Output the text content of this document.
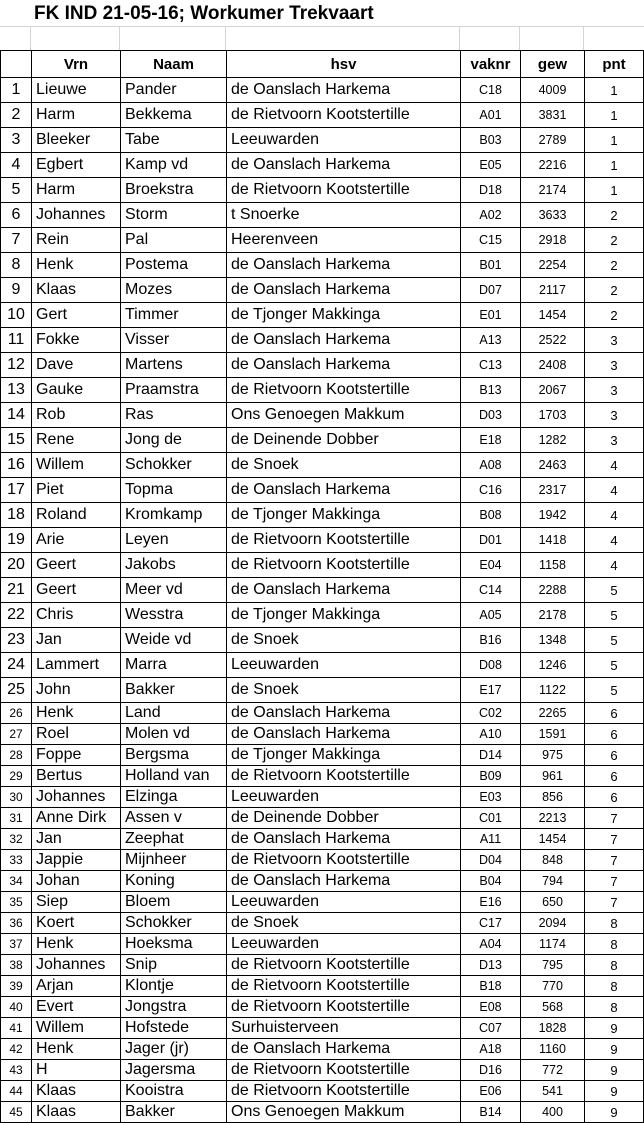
FK IND 21-05-16; Workumer Trekvaart
	Vrn	Naam	hsv	vaknr	gew	pnt
1	Lieuwe	Pander	de Oanslach Harkema	C18	4009	1
2	Harm	Bekkema	de Rietvoorn Kootstertille	A01	3831	1
3	Bleeker	Tabe	Leeuwarden	B03	2789	1
4	Egbert	Kamp vd	de Oanslach Harkema	E05	2216	1
5	Harm	Broekstra	de Rietvoorn Kootstertille	D18	2174	1
6	Johannes	Storm	t Snoerke	A02	3633	2
7	Rein	Pal	Heerenveen	C15	2918	2
8	Henk	Postema	de Oanslach Harkema	B01	2254	2
9	Klaas	Mozes	de Oanslach Harkema	D07	2117	2
10	Gert	Timmer	de Tjonger Makkinga	E01	1454	2
11	Fokke	Visser	de Oanslach Harkema	A13	2522	3
12	Dave	Martens	de Oanslach Harkema	C13	2408	3
13	Gauke	Praamstra	de Rietvoorn Kootstertille	B13	2067	3
14	Rob	Ras	Ons Genoegen Makkum	D03	1703	3
15	Rene	Jong de	de Deinende Dobber	E18	1282	3
16	Willem	Schokker	de Snoek	A08	2463	4
17	Piet	Topma	de Oanslach Harkema	C16	2317	4
18	Roland	Kromkamp	de Tjonger Makkinga	B08	1942	4
19	Arie	Leyen	de Rietvoorn Kootstertille	D01	1418	4
20	Geert	Jakobs	de Rietvoorn Kootstertille	E04	1158	4
21	Geert	Meer vd	de Oanslach Harkema	C14	2288	5
22	Chris	Wesstra	de Tjonger Makkinga	A05	2178	5
23	Jan	Weide vd	de Snoek	B16	1348	5
24	Lammert	Marra	Leeuwarden	D08	1246	5
25	John	Bakker	de Snoek	E17	1122	5
26	Henk	Land	de Oanslach Harkema	C02	2265	6
27	Roel	Molen vd	de Oanslach Harkema	A10	1591	6
28	Foppe	Bergsma	de Tjonger Makkinga	D14	975	6
29	Bertus	Holland van	de Rietvoorn Kootstertille	B09	961	6
30	Johannes	Elzinga	Leeuwarden	E03	856	6
31	Anne Dirk	Assen v	de Deinende Dobber	C01	2213	7
32	Jan	Zeephat	de Oanslach Harkema	A11	1454	7
33	Jappie	Mijnheer	de Rietvoorn Kootstertille	D04	848	7
34	Johan	Koning	de Oanslach Harkema	B04	794	7
35	Siep	Bloem	Leeuwarden	E16	650	7
36	Koert	Schokker	de Snoek	C17	2094	8
37	Henk	Hoeksma	Leeuwarden	A04	1174	8
38	Johannes	Snip	de Rietvoorn Kootstertille	D13	795	8
39	Arjan	Klontje	de Rietvoorn Kootstertille	B18	770	8
40	Evert	Jongstra	de Rietvoorn Kootstertille	E08	568	8
41	Willem	Hofstede	Surhuisterveen	C07	1828	9
42	Henk	Jager (jr)	de Oanslach Harkema	A18	1160	9
43	H	Jagersma	de Rietvoorn Kootstertille	D16	772	9
44	Klaas	Kooistra	de Rietvoorn Kootstertille	E06	541	9
45	Klaas	Bakker	Ons Genoegen Makkum	B14	400	9
